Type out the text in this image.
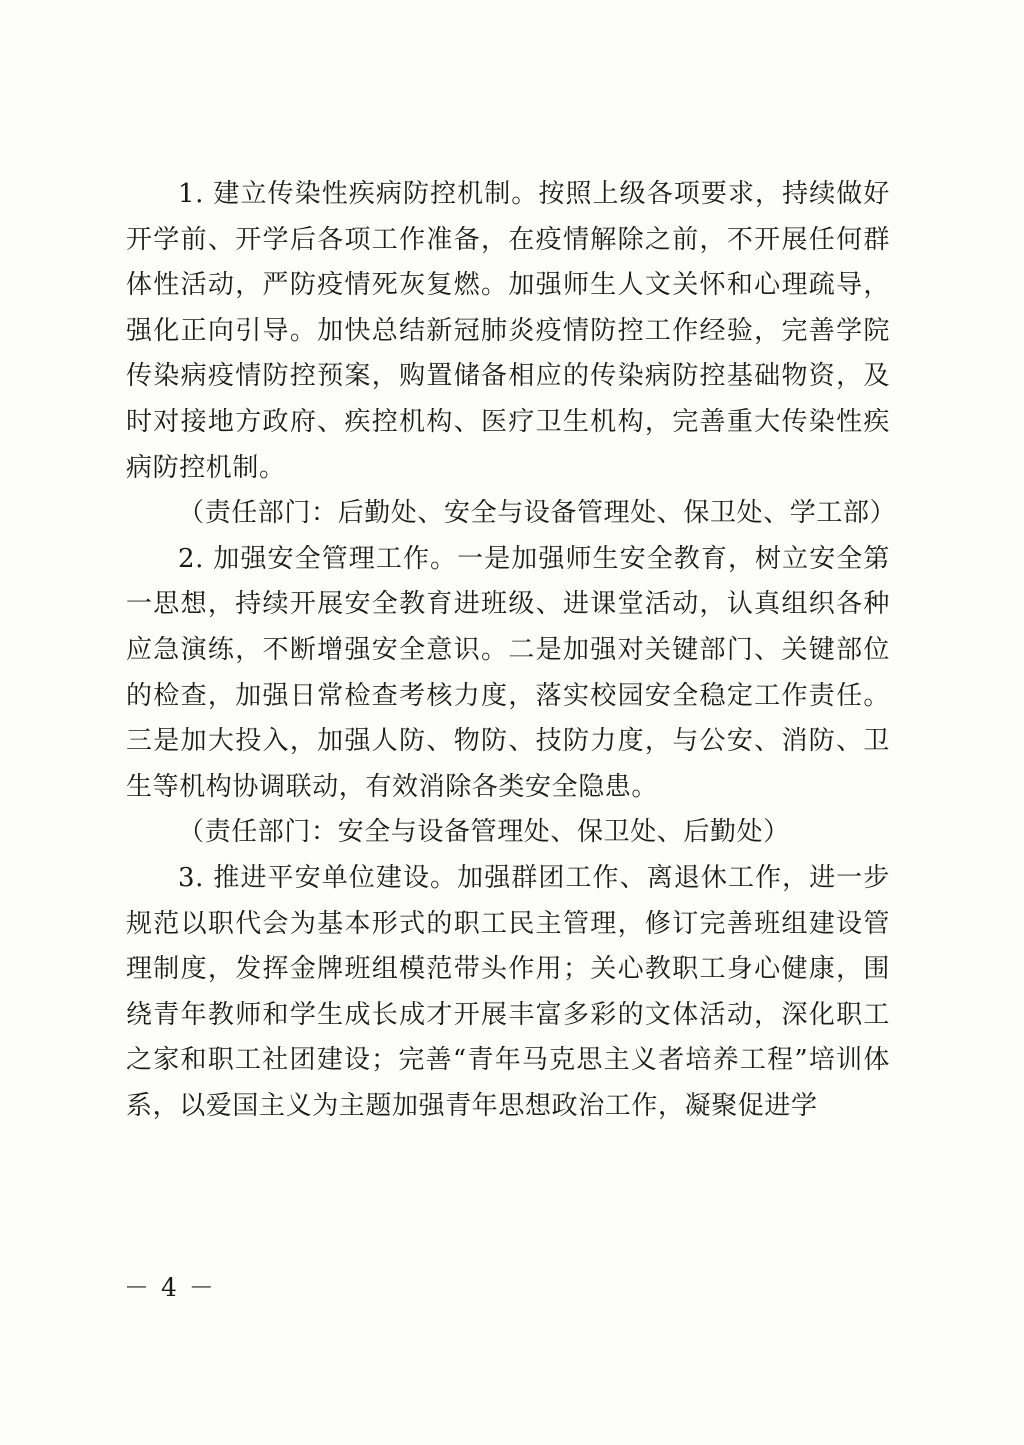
1. 建立传染性疾病防控机制。按照上级各项要求，持续做好开学前、开学后各项工作准备，在疫情解除之前，不开展任何群体性活动，严防疫情死灰复燃。加强师生人文关怀和心理疏导，强化正向引导。加快总结新冠肺炎疫情防控工作经验，完善学院传染病疫情防控预案，购置储备相应的传染病防控基础物资，及时对接地方政府、疾控机构、医疗卫生机构，完善重大传染性疾病防控机制。

（责任部门：后勤处、安全与设备管理处、保卫处、学工部）

2. 加强安全管理工作。一是加强师生安全教育，树立安全第一思想，持续开展安全教育进班级、进课堂活动，认真组织各种应急演练，不断增强安全意识。二是加强对关键部门、关键部位的检查，加强日常检查考核力度，落实校园安全稳定工作责任。三是加大投入，加强人防、物防、技防力度，与公安、消防、卫生等机构协调联动，有效消除各类安全隐患。

（责任部门：安全与设备管理处、保卫处、后勤处）

3. 推进平安单位建设。加强群团工作、离退休工作，进一步规范以职代会为基本形式的职工民主管理，修订完善班组建设管理制度，发挥金牌班组模范带头作用；关心教职工身心健康，围绕青年教师和学生成长成才开展丰富多彩的文体活动，深化职工之家和职工社团建设；完善“青年马克思主义者培养工程”培训体系，以爱国主义为主题加强青年思想政治工作，凝聚促进学

－ 4 －
